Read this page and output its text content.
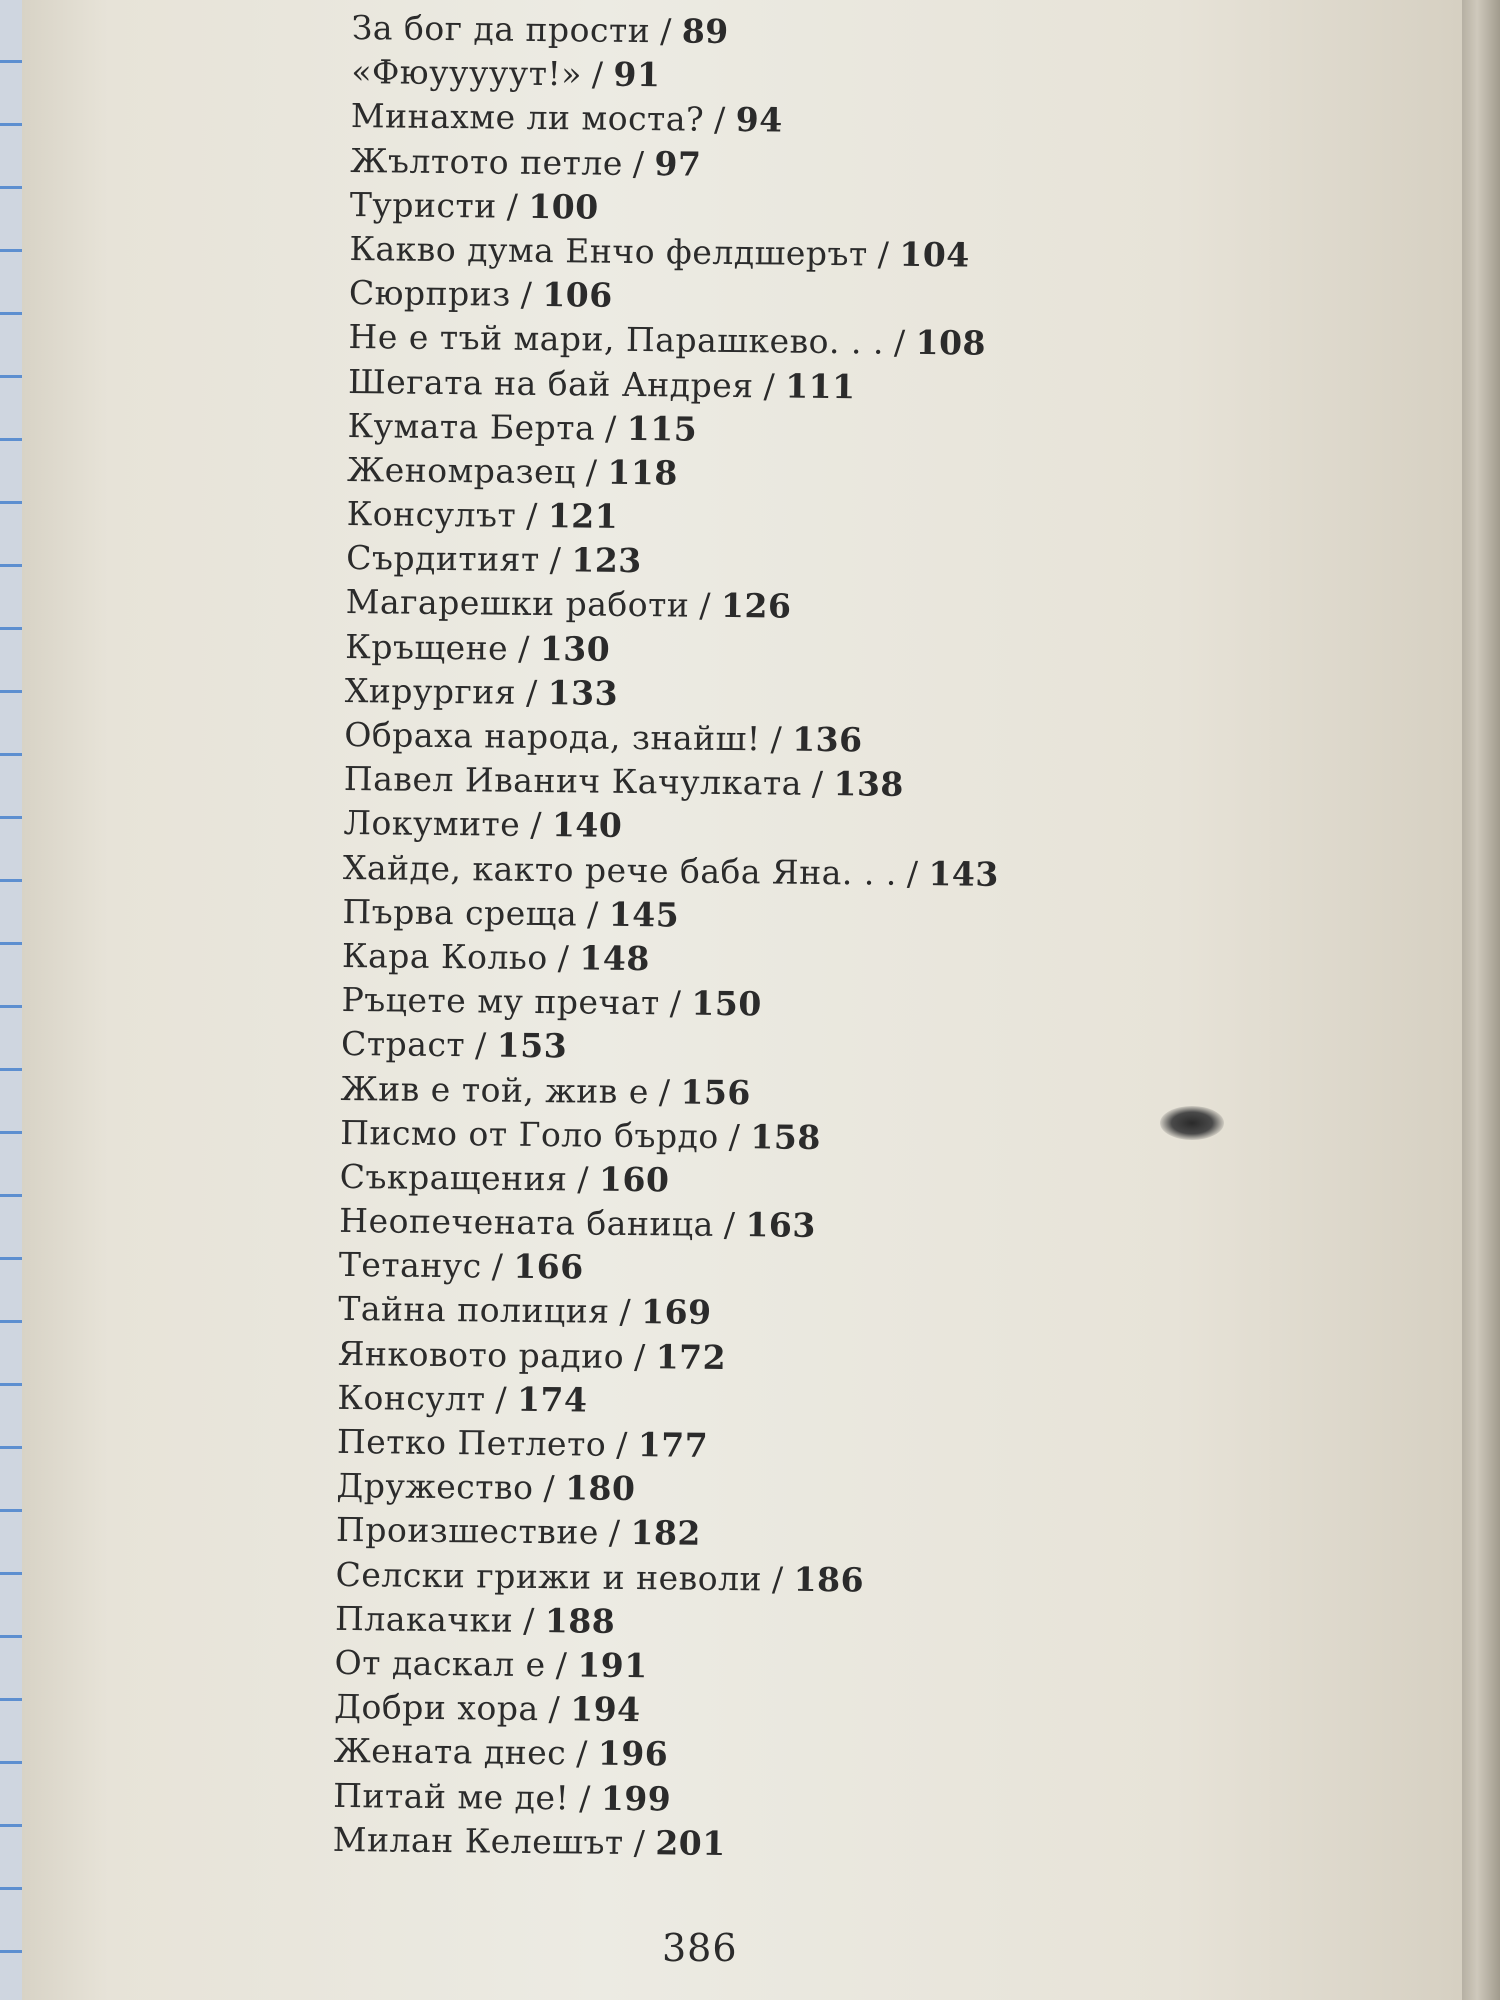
За бог да прости / 89
«Фюууууут!» / 91
Минахме ли моста? / 94
Жълтото петле / 97
Туристи / 100
Какво дума Енчо фелдшерът / 104
Сюрприз / 106
Не е тъй мари, Парашкево. . . / 108
Шегата на бай Андрея / 111
Кумата Берта / 115
Женомразец / 118
Консулът / 121
Сърдитият / 123
Магарешки работи / 126
Кръщене / 130
Хирургия / 133
Обраха народа, знайш! / 136
Павел Иванич Качулката / 138
Локумите / 140
Хайде, както рече баба Яна. . . / 143
Първа среща / 145
Кара Кольо / 148
Ръцете му пречат / 150
Страст / 153
Жив е той, жив е / 156
Писмо от Голо бърдо / 158
Съкращения / 160
Неопечената баница / 163
Тетанус / 166
Тайна полиция / 169
Янковото радио / 172
Консулт / 174
Петко Петлето / 177
Дружество / 180
Произшествие / 182
Селски грижи и неволи / 186
Плакачки / 188
От даскал е / 191
Добри хора / 194
Жената днес / 196
Питай ме де! / 199
Милан Келешът / 201
386
